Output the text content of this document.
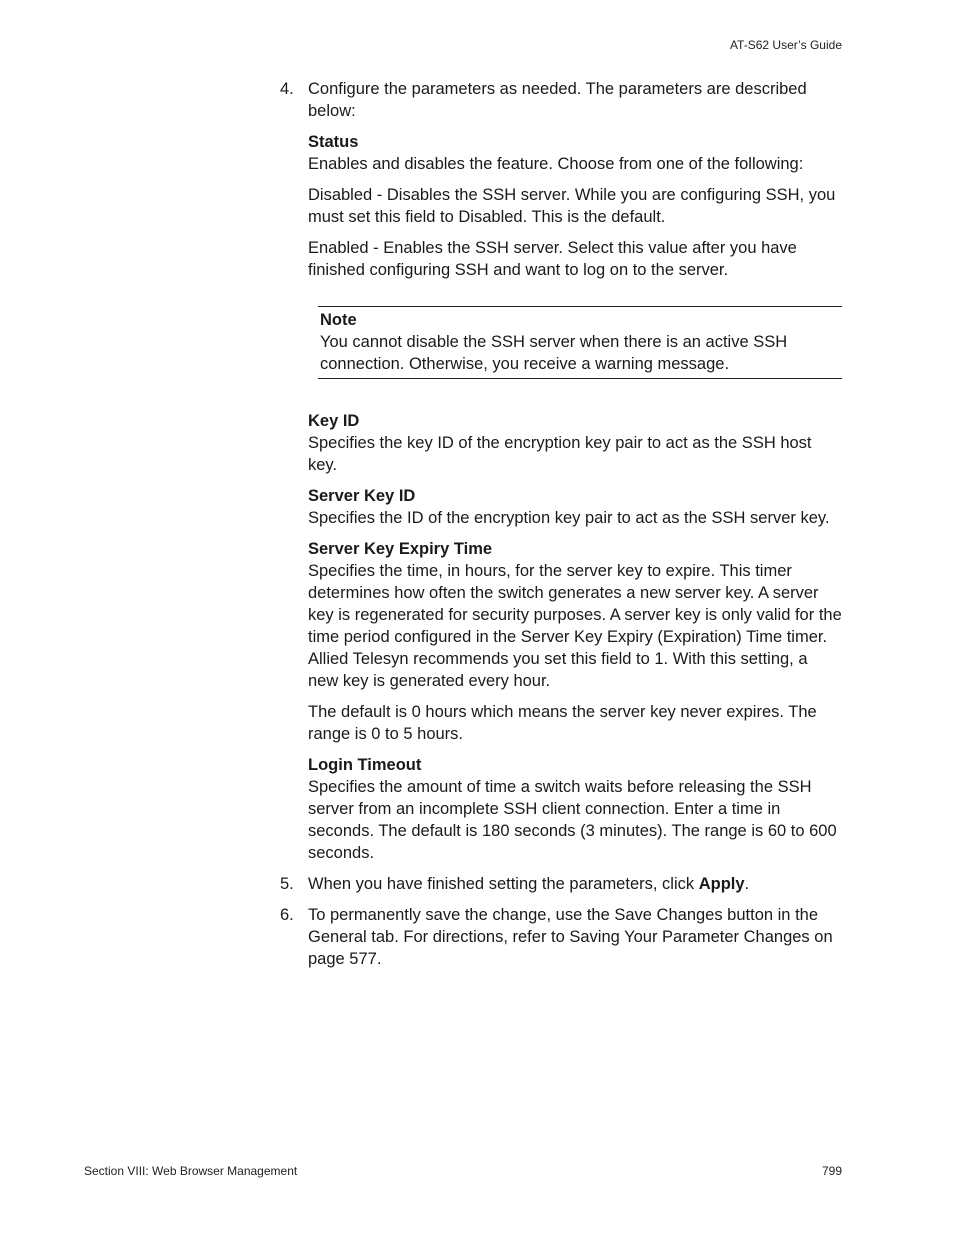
AT-S62 User’s Guide
4. Configure the parameters as needed. The parameters are described below:
Status
Enables and disables the feature. Choose from one of the following:
Disabled - Disables the SSH server. While you are configuring SSH, you must set this field to Disabled. This is the default.
Enabled - Enables the SSH server. Select this value after you have finished configuring SSH and want to log on to the server.
Note
You cannot disable the SSH server when there is an active SSH connection. Otherwise, you receive a warning message.
Key ID
Specifies the key ID of the encryption key pair to act as the SSH host key.
Server Key ID
Specifies the ID of the encryption key pair to act as the SSH server key.
Server Key Expiry Time
Specifies the time, in hours, for the server key to expire. This timer determines how often the switch generates a new server key. A server key is regenerated for security purposes. A server key is only valid for the time period configured in the Server Key Expiry (Expiration) Time timer. Allied Telesyn recommends you set this field to 1. With this setting, a new key is generated every hour.
The default is 0 hours which means the server key never expires. The range is 0 to 5 hours.
Login Timeout
Specifies the amount of time a switch waits before releasing the SSH server from an incomplete SSH client connection. Enter a time in seconds. The default is 180 seconds (3 minutes). The range is 60 to 600 seconds.
5. When you have finished setting the parameters, click Apply.
6. To permanently save the change, use the Save Changes button in the General tab. For directions, refer to Saving Your Parameter Changes on page 577.
Section VIII: Web Browser Management	799
